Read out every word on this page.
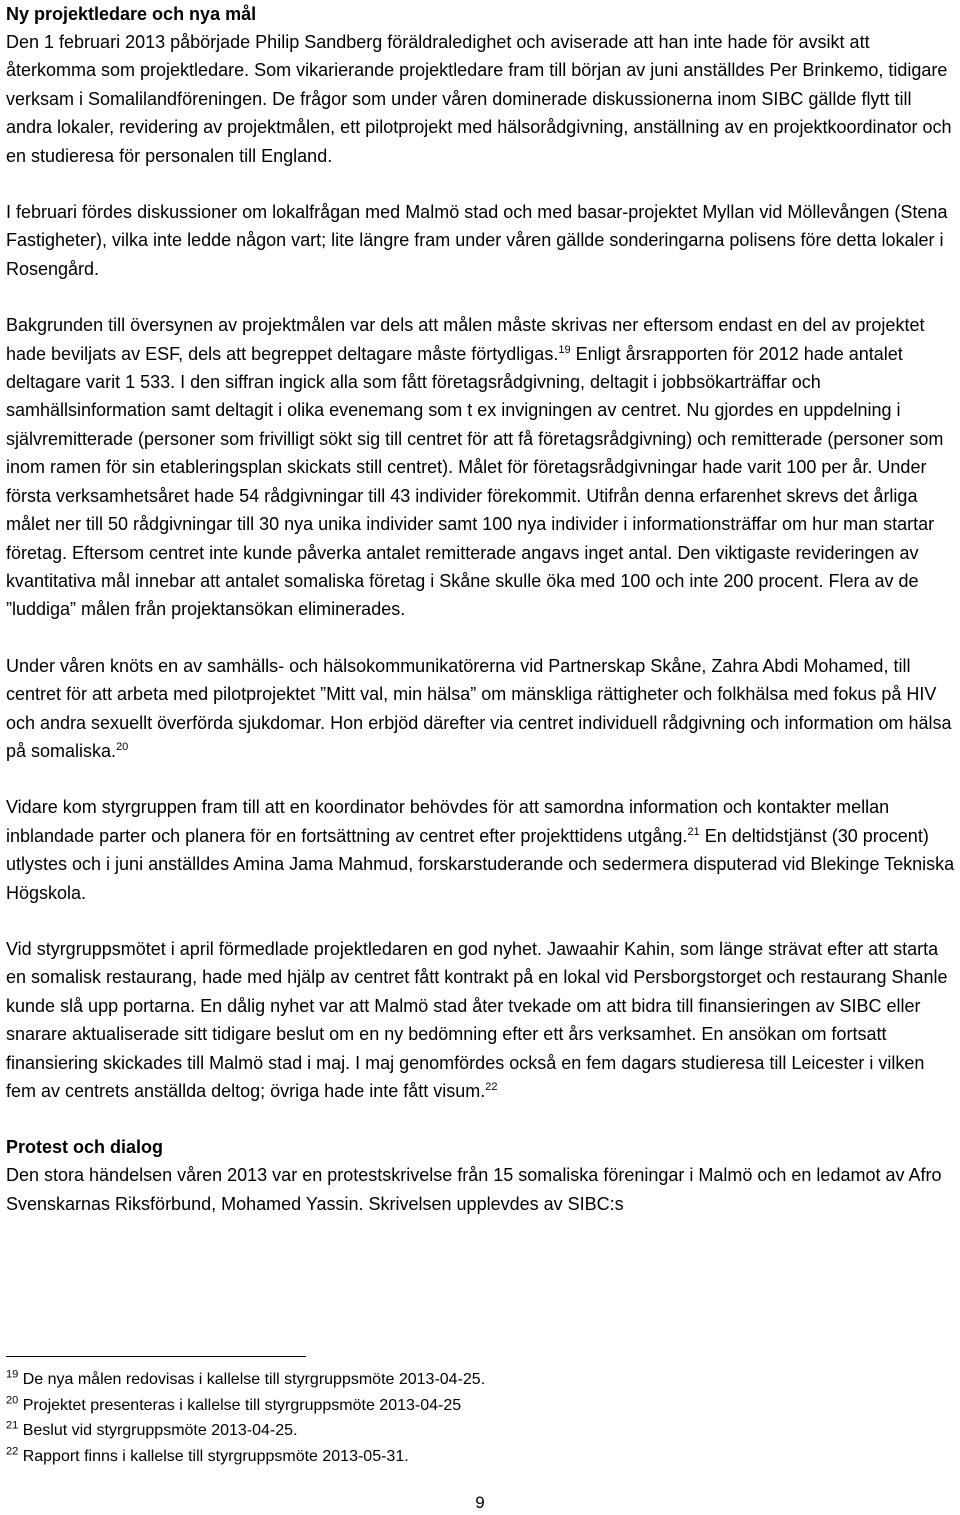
Ny projektledare och nya mål

Den 1 februari 2013 påbörjade Philip Sandberg föräldraledighet och aviserade att han inte hade för avsikt att återkomma som projektledare. Som vikarierande projektledare fram till början av juni anställdes Per Brinkemo, tidigare verksam i Somalilandföreningen. De frågor som under våren dominerade diskussionerna inom SIBC gällde flytt till andra lokaler, revidering av projektmålen, ett pilotprojekt med hälsorådgivning, anställning av en projektkoordinator och en studieresa för personalen till England.

I februari fördes diskussioner om lokalfrågan med Malmö stad och med basar-projektet Myllan vid Möllevången (Stena Fastigheter), vilka inte ledde någon vart; lite längre fram under våren gällde sonderingarna polisens före detta lokaler i Rosengård.

Bakgrunden till översynen av projektmålen var dels att målen måste skrivas ner eftersom endast en del av projektet hade beviljats av ESF, dels att begreppet deltagare måste förtydligas.$^{19}$ Enligt årsrapporten för 2012 hade antalet deltagare varit 1 533. I den siffran ingick alla som fått företagsrådgivning, deltagit i jobbsökarträffar och samhällsinformation samt deltagit i olika evenemang som t ex invigningen av centret. Nu gjordes en uppdelning i självremitterade (personer som frivilligt sökt sig till centret för att få företagsrådgivning) och remitterade (personer som inom ramen för sin etableringsplan skickats still centret). Målet för företagsrådgivningar hade varit 100 per år. Under första verksamhetsåret hade 54 rådgivningar till 43 individer förekommit. Utifrån denna erfarenhet skrevs det årliga målet ner till 50 rådgivningar till 30 nya unika individer samt 100 nya individer i informationsträffar om hur man startar företag. Eftersom centret inte kunde påverka antalet remitterade angavs inget antal. Den viktigaste revideringen av kvantitativa mål innebar att antalet somaliska företag i Skåne skulle öka med 100 och inte 200 procent. Flera av de ”luddiga” målen från projektansökan eliminerades.

Under våren knöts en av samhälls- och hälsokommunikatörerna vid Partnerskap Skåne, Zahra Abdi Mohamed, till centret för att arbeta med pilotprojektet ”Mitt val, min hälsa” om mänskliga rättigheter och folkhälsa med fokus på HIV och andra sexuellt överförda sjukdomar. Hon erbjöd därefter via centret individuell rådgivning och information om hälsa på somaliska.$^{20}$

Vidare kom styrgruppen fram till att en koordinator behövdes för att samordna information och kontakter mellan inblandade parter och planera för en fortsättning av centret efter projekttidens utgång.$^{21}$ En deltidstjänst (30 procent) utlystes och i juni anställdes Amina Jama Mahmud, forskarstuderande och sedermera disputerad vid Blekinge Tekniska Högskola.

Vid styrgruppsmötet i april förmedlade projektledaren en god nyhet. Jawaahir Kahin, som länge strävat efter att starta en somalisk restaurang, hade med hjälp av centret fått kontrakt på en lokal vid Persborgstorget och restaurang Shanle kunde slå upp portarna. En dålig nyhet var att Malmö stad åter tvekade om att bidra till finansieringen av SIBC eller snarare aktualiserade sitt tidigare beslut om en ny bedömning efter ett års verksamhet. En ansökan om fortsatt finansiering skickades till Malmö stad i maj. I maj genomfördes också en fem dagars studieresa till Leicester i vilken fem av centrets anställda deltog; övriga hade inte fått visum.$^{22}$

Protest och dialog

Den stora händelsen våren 2013 var en protestskrivelse från 15 somaliska föreningar i Malmö och en ledamot av Afro Svenskarnas Riksförbund, Mohamed Yassin. Skrivelsen upplevdes av SIBC:s

$^{19}$ De nya målen redovisas i kallelse till styrgruppsmöte 2013-04-25.

$^{20}$ Projektet presenteras i kallelse till styrgruppsmöte 2013-04-25

$^{21}$ Beslut vid styrgruppsmöte 2013-04-25.

$^{22}$ Rapport finns i kallelse till styrgruppsmöte 2013-05-31.

9
